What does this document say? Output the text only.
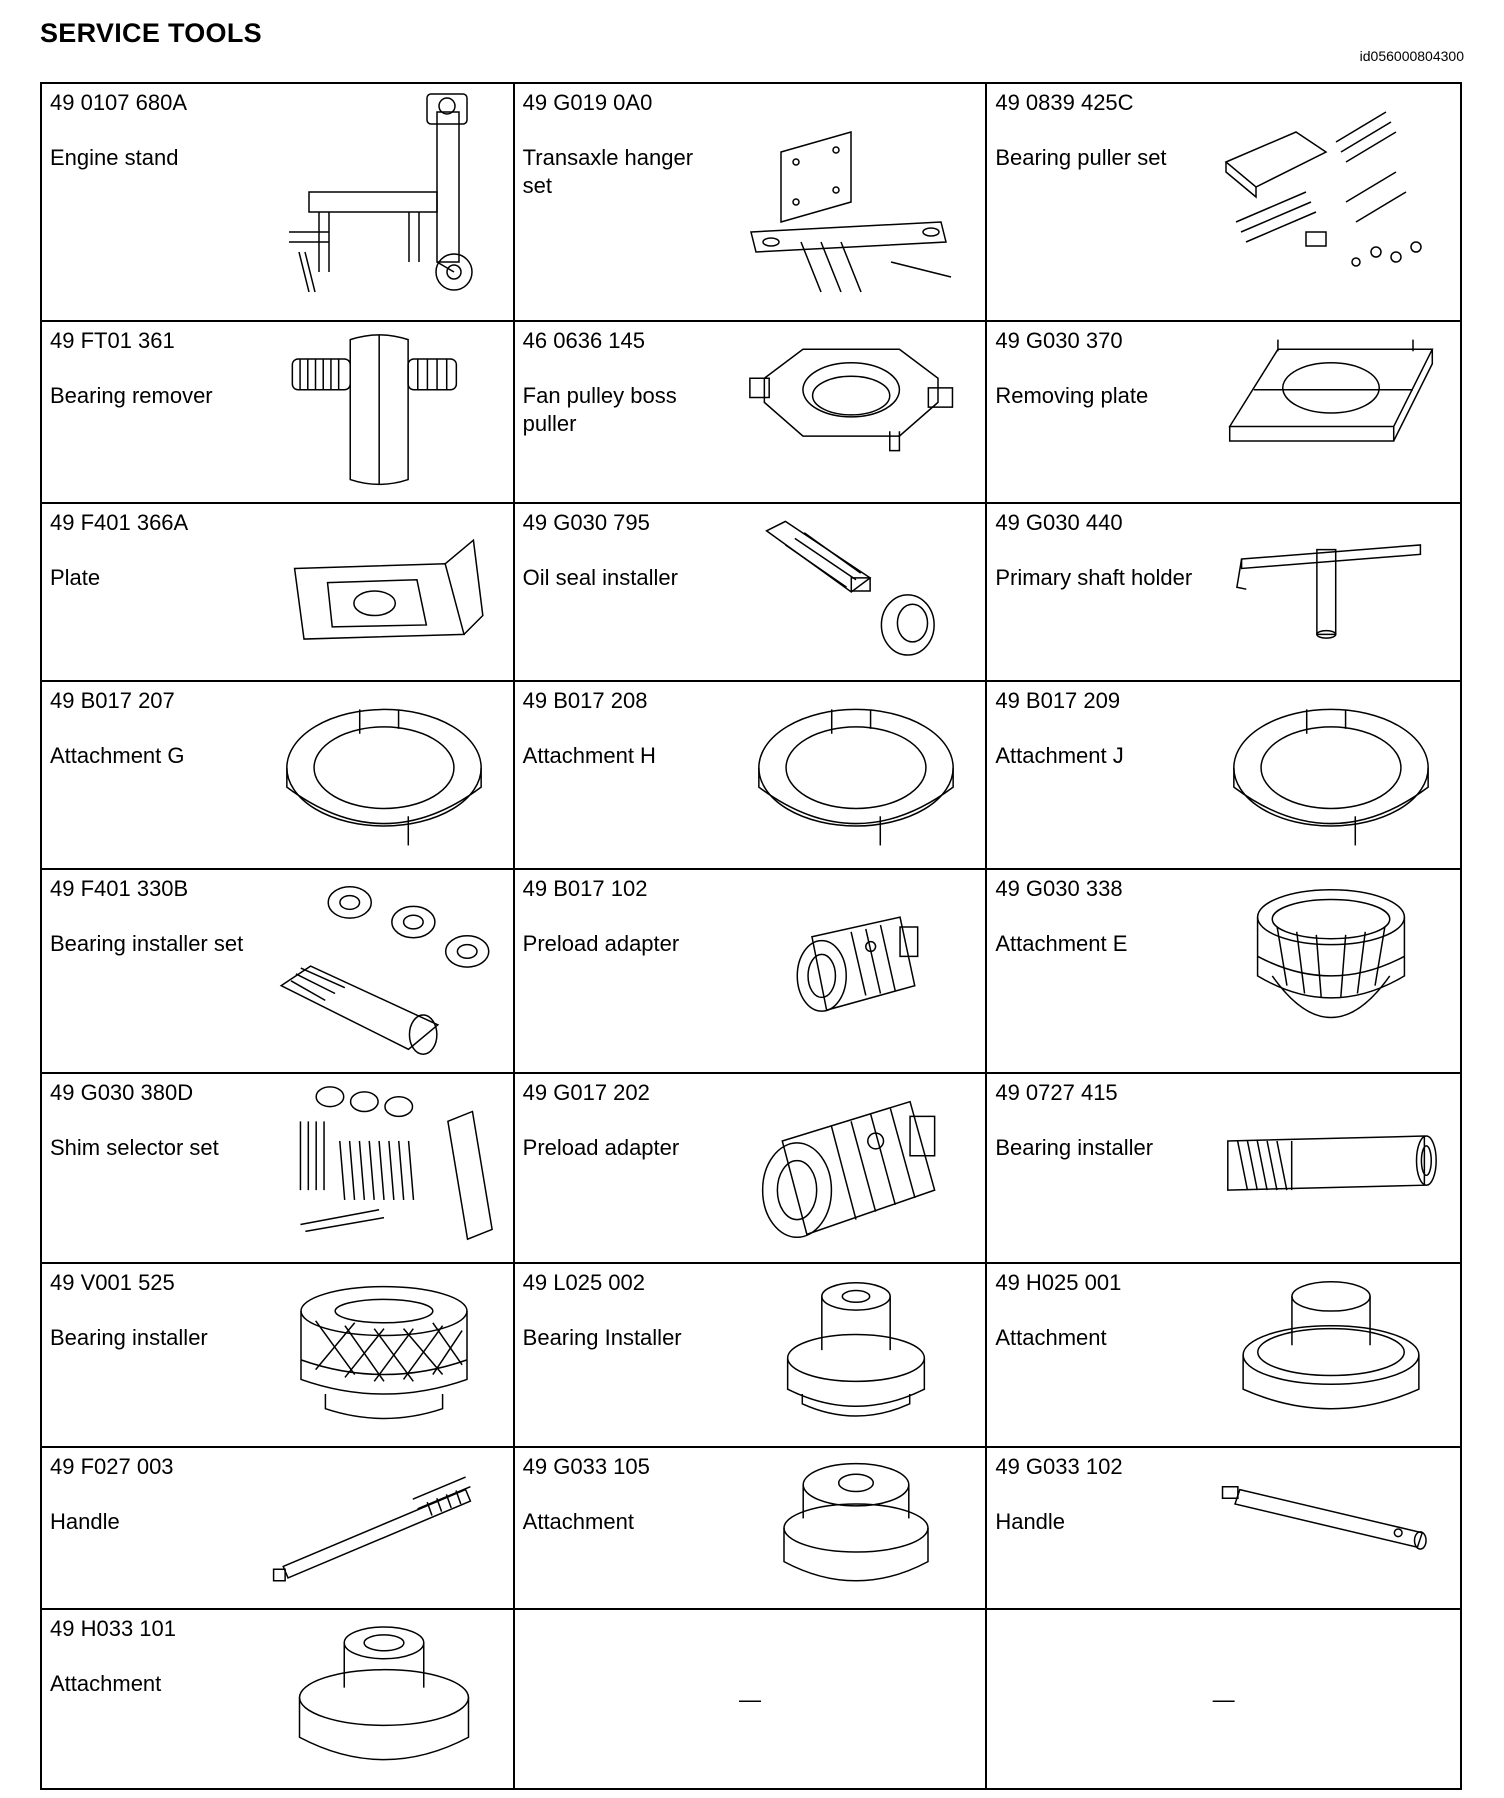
SERVICE TOOLS
id056000804300
49 0107 680A
Engine stand
49 G019 0A0
Transaxle hanger set
49 0839 425C
Bearing puller set
49 FT01 361
Bearing remover
46 0636 145
Fan pulley boss puller
49 G030 370
Removing plate
49 F401 366A
Plate
49 G030 795
Oil seal installer
49 G030 440
Primary shaft holder
49 B017 207
Attachment G
49 B017 208
Attachment H
49 B017 209
Attachment J
49 F401 330B
Bearing installer set
49 B017 102
Preload adapter
49 G030 338
Attachment E
49 G030 380D
Shim selector set
49 G017 202
Preload adapter
49 0727 415
Bearing installer
49 V001 525
Bearing installer
49 L025 002
Bearing Installer
49 H025 001
Attachment
49 F027 003
Handle
49 G033 105
Attachment
49 G033 102
Handle
49 H033 101
Attachment
—	—
